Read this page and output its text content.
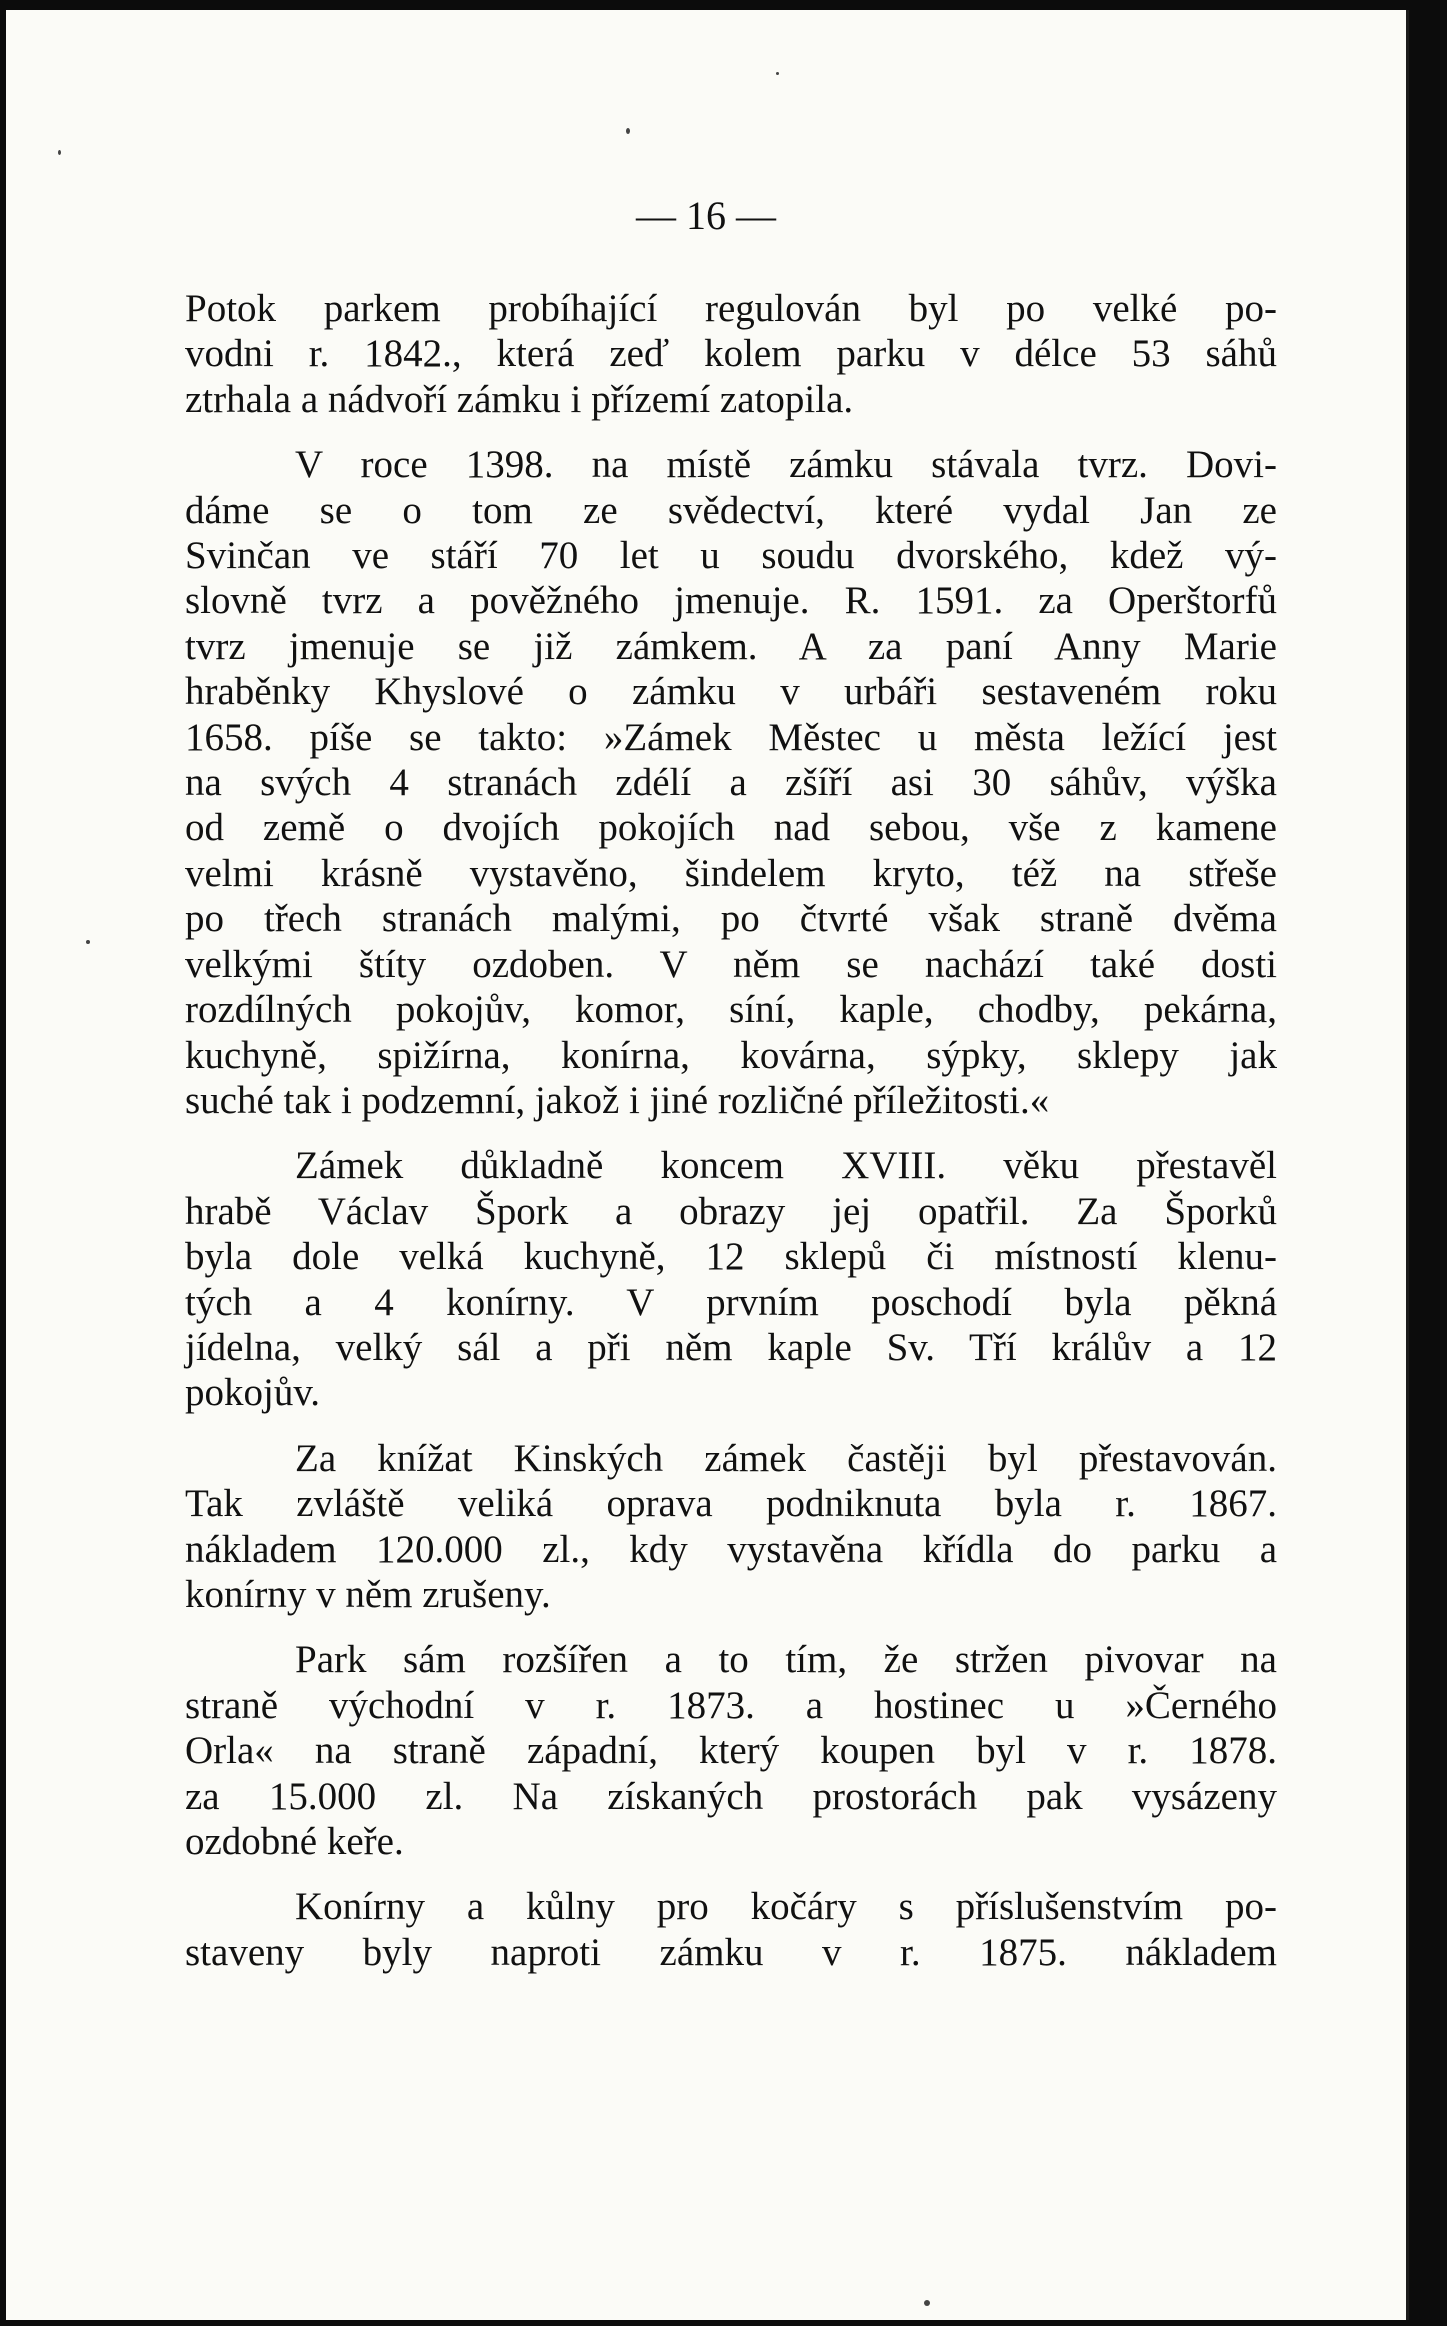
— 16 —

Potok parkem probíhající regulován byl po velké po-
vodni r. 1842., která zeď kolem parku v délce 53 sáhů
ztrhala a nádvoří zámku i přízemí zatopila.

V roce 1398. na místě zámku stávala tvrz. Dovi-
dáme se o tom ze svědectví, které vydal Jan ze
Svinčan ve stáří 70 let u soudu dvorského, kdež vý-
slovně tvrz a pověžného jmenuje. R. 1591. za Operštorfů
tvrz jmenuje se již zámkem. A za paní Anny Marie
hraběnky Khyslové o zámku v urbáři sestaveném roku
1658. píše se takto: »Zámek Městec u města ležící jest
na svých 4 stranách zdélí a zšíří asi 30 sáhův, výška
od země o dvojích pokojích nad sebou, vše z kamene
velmi krásně vystavěno, šindelem kryto, též na střeše
po třech stranách malými, po čtvrté však straně dvěma
velkými štíty ozdoben. V něm se nachází také dosti
rozdílných pokojův, komor, síní, kaple, chodby, pekárna,
kuchyně, spižírna, konírna, kovárna, sýpky, sklepy jak
suché tak i podzemní, jakož i jiné rozličné příležitosti.«

Zámek důkladně koncem XVIII. věku přestavěl
hrabě Václav Špork a obrazy jej opatřil. Za Šporků
byla dole velká kuchyně, 12 sklepů či místností klenu-
tých a 4 konírny. V prvním poschodí byla pěkná
jídelna, velký sál a při něm kaple Sv. Tří králův a 12
pokojův.

Za knížat Kinských zámek častěji byl přestavován.
Tak zvláště veliká oprava podniknuta byla r. 1867.
nákladem 120.000 zl., kdy vystavěna křídla do parku a
konírny v něm zrušeny.

Park sám rozšířen a to tím, že stržen pivovar na
straně východní v r. 1873. a hostinec u »Černého
Orla« na straně západní, který koupen byl v r. 1878.
za 15.000 zl. Na získaných prostorách pak vysázeny
ozdobné keře.

Konírny a kůlny pro kočáry s příslušenstvím po-
staveny byly naproti zámku v r. 1875. nákladem
